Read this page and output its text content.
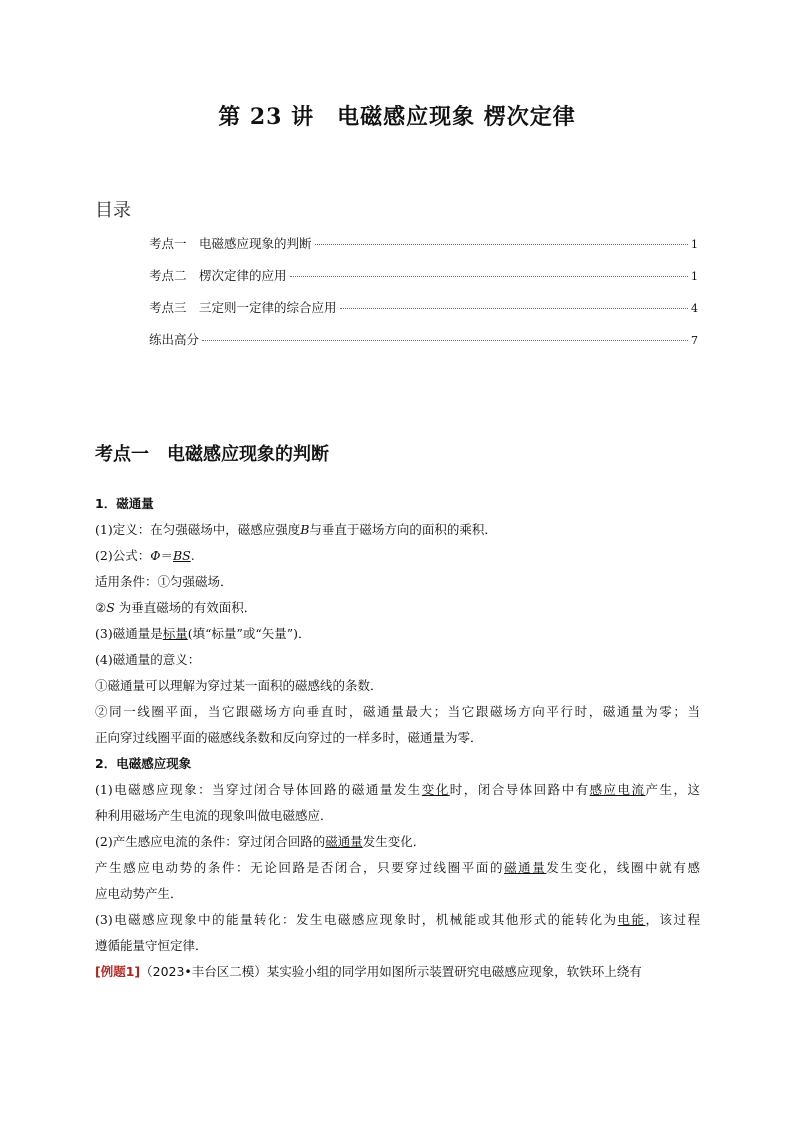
第 23 讲　电磁感应现象 楞次定律
目录
考点一　电磁感应现象的判断	1
考点二　楞次定律的应用	1
考点三　三定则一定律的综合应用	4
练出高分	7
考点一　电磁感应现象的判断
1．磁通量
(1)定义：在匀强磁场中，磁感应强度B与垂直于磁场方向的面积的乘积．
(2)公式：Φ＝BS.
适用条件：①匀强磁场．
②S 为垂直磁场的有效面积．
(3)磁通量是标量(填“标量”或“矢量”)．
(4)磁通量的意义：
①磁通量可以理解为穿过某一面积的磁感线的条数．
②同一线圈平面，当它跟磁场方向垂直时，磁通量最大；当它跟磁场方向平行时，磁通量为零；当
正向穿过线圈平面的磁感线条数和反向穿过的一样多时，磁通量为零．
2．电磁感应现象
(1)电磁感应现象：当穿过闭合导体回路的磁通量发生变化时，闭合导体回路中有感应电流产生，这
种利用磁场产生电流的现象叫做电磁感应．
(2)产生感应电流的条件：穿过闭合回路的磁通量发生变化．
产生感应电动势的条件：无论回路是否闭合，只要穿过线圈平面的磁通量发生变化，线圈中就有感
应电动势产生．
(3)电磁感应现象中的能量转化：发生电磁感应现象时，机械能或其他形式的能转化为电能，该过程
遵循能量守恒定律．
[例题1]（2023•丰台区二模）某实验小组的同学用如图所示装置研究电磁感应现象，软铁环上绕有
